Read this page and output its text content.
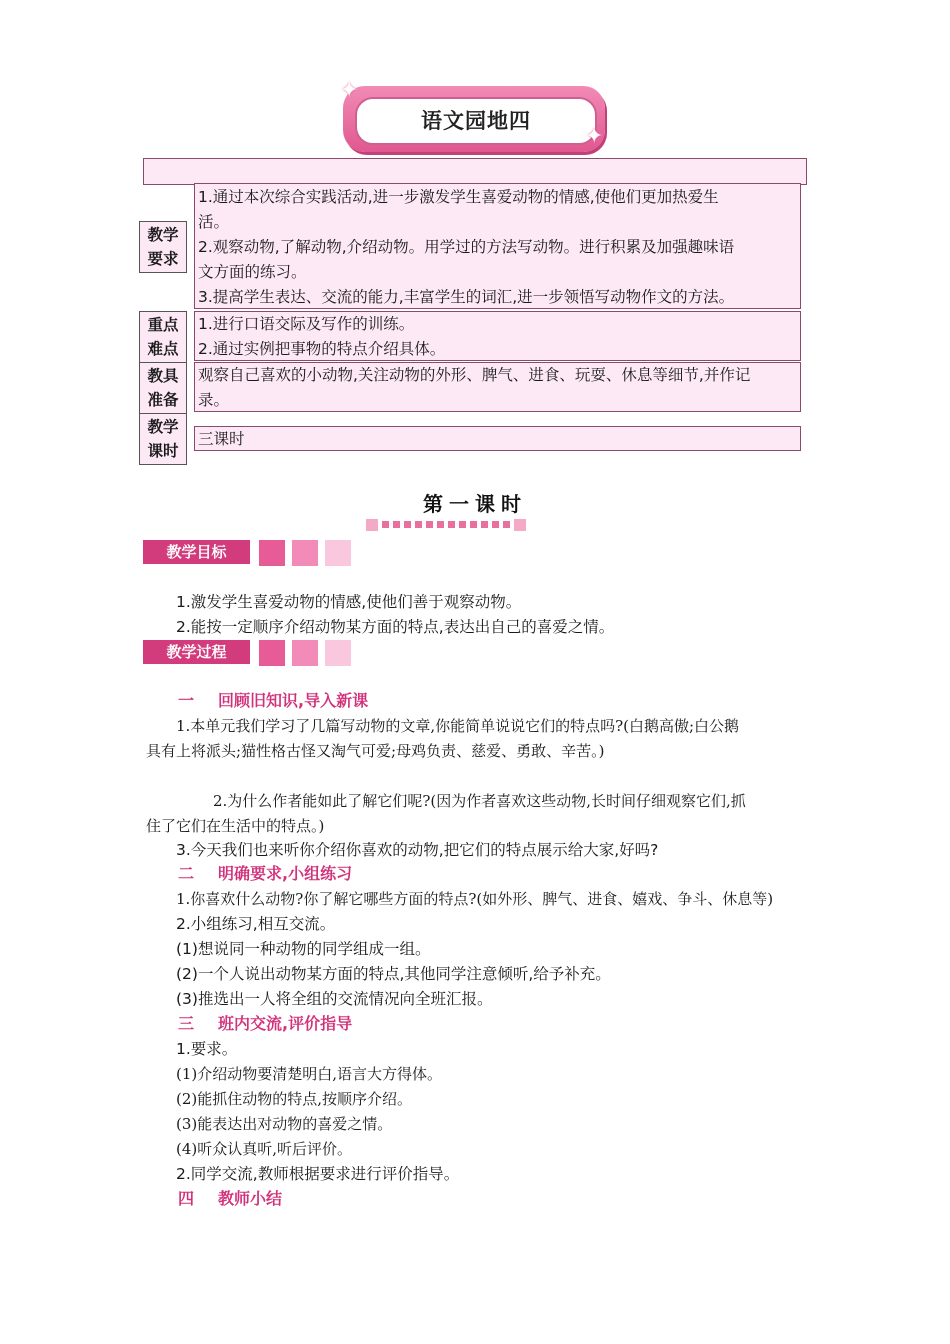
语文园地四
✦
✦
教学
要求

1.通过本次综合实践活动,进一步激发学生喜爱动物的情感,使他们更加热爱生

活。

2.观察动物,了解动物,介绍动物。用学过的方法写动物。进行积累及加强趣味语

文方面的练习。

3.提高学生表达、交流的能力,丰富学生的词汇,进一步领悟写动物作文的方法。

重点
难点

1.进行口语交际及写作的训练。

2.通过实例把事物的特点介绍具体。

教具
准备

观察自己喜欢的小动物,关注动物的外形、脾气、进食、玩耍、休息等细节,并作记

录。

教学
课时

三课时

第一课时
教学目标
1.激发学生喜爱动物的情感,使他们善于观察动物。
2.能按一定顺序介绍动物某方面的特点,表达出自己的喜爱之情。
教学过程
一 回顾旧知识,导入新课
1.本单元我们学习了几篇写动物的文章,你能简单说说它们的特点吗?(白鹅高傲;白公鹅
具有上将派头;猫性格古怪又淘气可爱;母鸡负责、慈爱、勇敢、辛苦。)
2.为什么作者能如此了解它们呢?(因为作者喜欢这些动物,长时间仔细观察它们,抓
住了它们在生活中的特点。)
3.今天我们也来听你介绍你喜欢的动物,把它们的特点展示给大家,好吗?
二 明确要求,小组练习
1.你喜欢什么动物?你了解它哪些方面的特点?(如外形、脾气、进食、嬉戏、争斗、休息等)
2.小组练习,相互交流。
(1)想说同一种动物的同学组成一组。
(2)一个人说出动物某方面的特点,其他同学注意倾听,给予补充。
(3)推选出一人将全组的交流情况向全班汇报。
三 班内交流,评价指导
1.要求。
(1)介绍动物要清楚明白,语言大方得体。
(2)能抓住动物的特点,按顺序介绍。
(3)能表达出对动物的喜爱之情。
(4)听众认真听,听后评价。
2.同学交流,教师根据要求进行评价指导。
四 教师小结
